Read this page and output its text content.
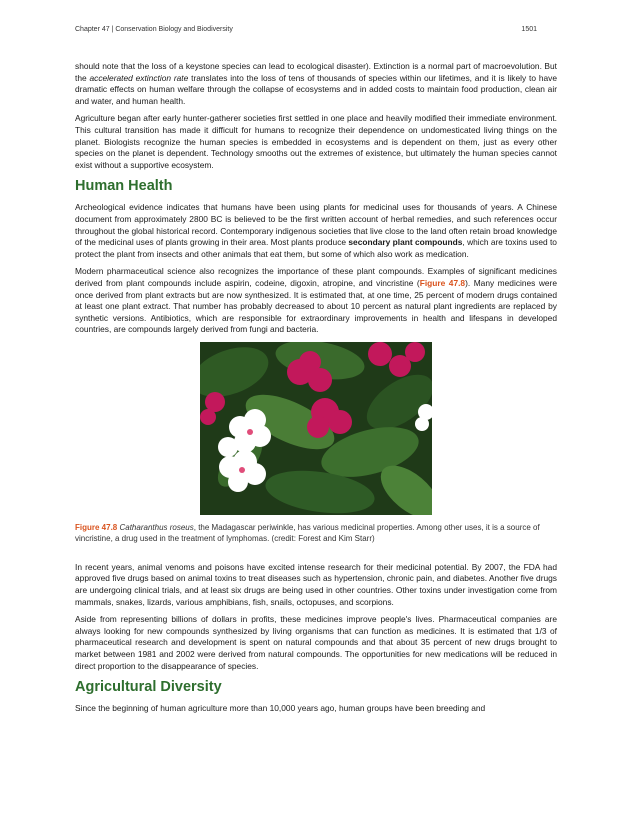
Chapter 47 | Conservation Biology and Biodiversity	1501

should note that the loss of a keystone species can lead to ecological disaster). Extinction is a normal part of macroevolution. But the accelerated extinction rate translates into the loss of tens of thousands of species within our lifetimes, and it is likely to have dramatic effects on human welfare through the collapse of ecosystems and in added costs to maintain food production, clean air and water, and human health.

Agriculture began after early hunter-gatherer societies first settled in one place and heavily modified their immediate environment. This cultural transition has made it difficult for humans to recognize their dependence on undomesticated living things on the planet. Biologists recognize the human species is embedded in ecosystems and is dependent on them, just as every other species on the planet is dependent. Technology smooths out the extremes of existence, but ultimately the human species cannot exist without a supportive ecosystem.

Human Health

Archeological evidence indicates that humans have been using plants for medicinal uses for thousands of years. A Chinese document from approximately 2800 BC is believed to be the first written account of herbal remedies, and such references occur throughout the global historical record. Contemporary indigenous societies that live close to the land often retain broad knowledge of the medicinal uses of plants growing in their area. Most plants produce secondary plant compounds, which are toxins used to protect the plant from insects and other animals that eat them, but some of which also work as medication.

Modern pharmaceutical science also recognizes the importance of these plant compounds. Examples of significant medicines derived from plant compounds include aspirin, codeine, digoxin, atropine, and vincristine (Figure 47.8). Many medicines were once derived from plant extracts but are now synthesized. It is estimated that, at one time, 25 percent of modern drugs contained at least one plant extract. That number has probably decreased to about 10 percent as natural plant ingredients are replaced by synthetic versions. Antibiotics, which are responsible for extraordinary improvements in health and lifespans in developed countries, are compounds largely derived from fungi and bacteria.

Figure 47.8 Catharanthus roseus, the Madagascar periwinkle, has various medicinal properties. Among other uses, it is a source of vincristine, a drug used in the treatment of lymphomas. (credit: Forest and Kim Starr)

In recent years, animal venoms and poisons have excited intense research for their medicinal potential. By 2007, the FDA had approved five drugs based on animal toxins to treat diseases such as hypertension, chronic pain, and diabetes. Another five drugs are undergoing clinical trials, and at least six drugs are being used in other countries. Other toxins under investigation come from mammals, snakes, lizards, various amphibians, fish, snails, octopuses, and scorpions.

Aside from representing billions of dollars in profits, these medicines improve people's lives. Pharmaceutical companies are always looking for new compounds synthesized by living organisms that can function as medicines. It is estimated that 1/3 of pharmaceutical research and development is spent on natural compounds and that about 35 percent of new drugs brought to market between 1981 and 2002 were derived from natural compounds. The opportunities for new medications will be reduced in direct proportion to the disappearance of species.

Agricultural Diversity

Since the beginning of human agriculture more than 10,000 years ago, human groups have been breeding and
